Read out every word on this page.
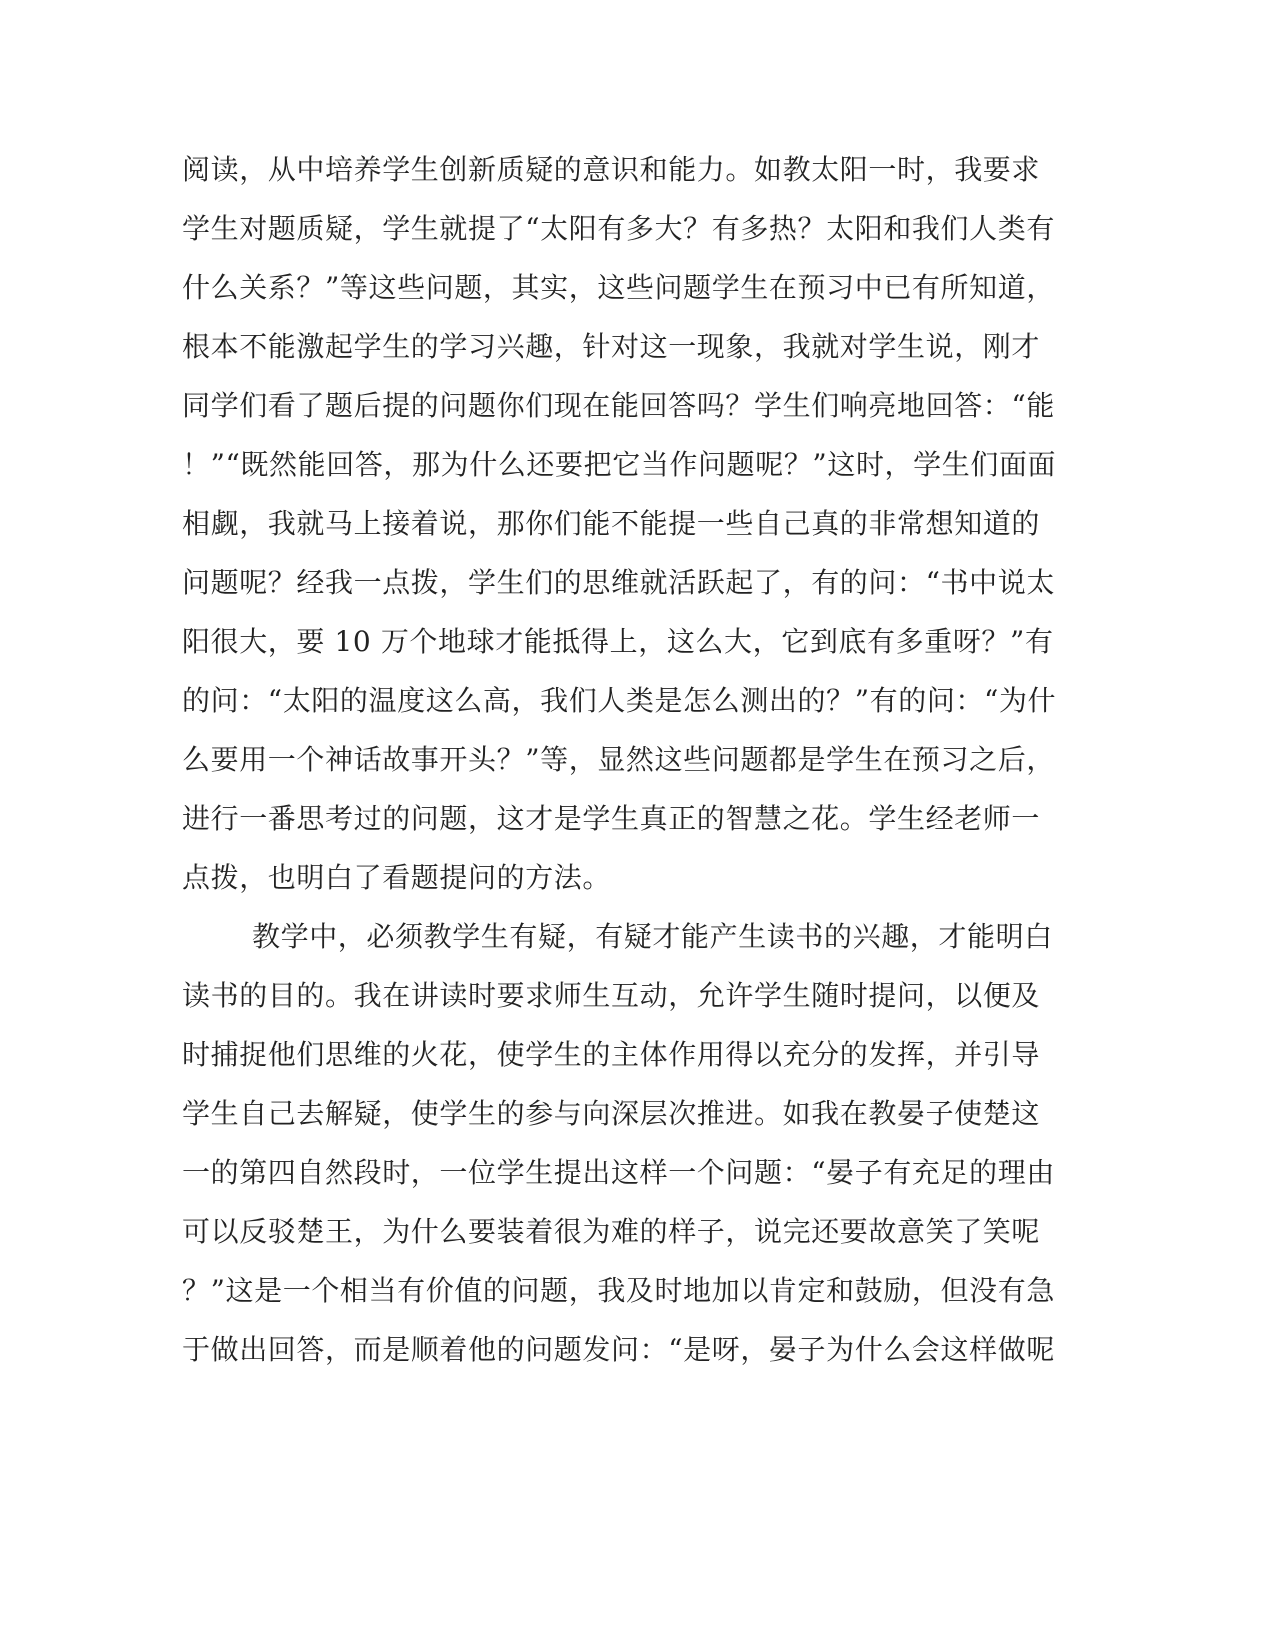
阅读，从中培养学生创新质疑的意识和能力。如教太阳一时，我要求
学生对题质疑，学生就提了“太阳有多大？有多热？太阳和我们人类有
什么关系？”等这些问题，其实，这些问题学生在预习中已有所知道，
根本不能激起学生的学习兴趣，针对这一现象，我就对学生说，刚才
同学们看了题后提的问题你们现在能回答吗？学生们响亮地回答：“能
！”“既然能回答，那为什么还要把它当作问题呢？”这时，学生们面面
相觑，我就马上接着说，那你们能不能提一些自己真的非常想知道的
问题呢？经我一点拨，学生们的思维就活跃起了，有的问：“书中说太
阳很大，要 10 万个地球才能抵得上，这么大，它到底有多重呀？”有
的问：“太阳的温度这么高，我们人类是怎么测出的？”有的问：“为什
么要用一个神话故事开头？”等，显然这些问题都是学生在预习之后，
进行一番思考过的问题，这才是学生真正的智慧之花。学生经老师一
点拨，也明白了看题提问的方法。
教学中，必须教学生有疑，有疑才能产生读书的兴趣，才能明白
读书的目的。我在讲读时要求师生互动，允许学生随时提问，以便及
时捕捉他们思维的火花，使学生的主体作用得以充分的发挥，并引导
学生自己去解疑，使学生的参与向深层次推进。如我在教晏子使楚这
一的第四自然段时，一位学生提出这样一个问题：“晏子有充足的理由
可以反驳楚王，为什么要装着很为难的样子，说完还要故意笑了笑呢
？”这是一个相当有价值的问题，我及时地加以肯定和鼓励，但没有急
于做出回答，而是顺着他的问题发问：“是呀，晏子为什么会这样做呢
